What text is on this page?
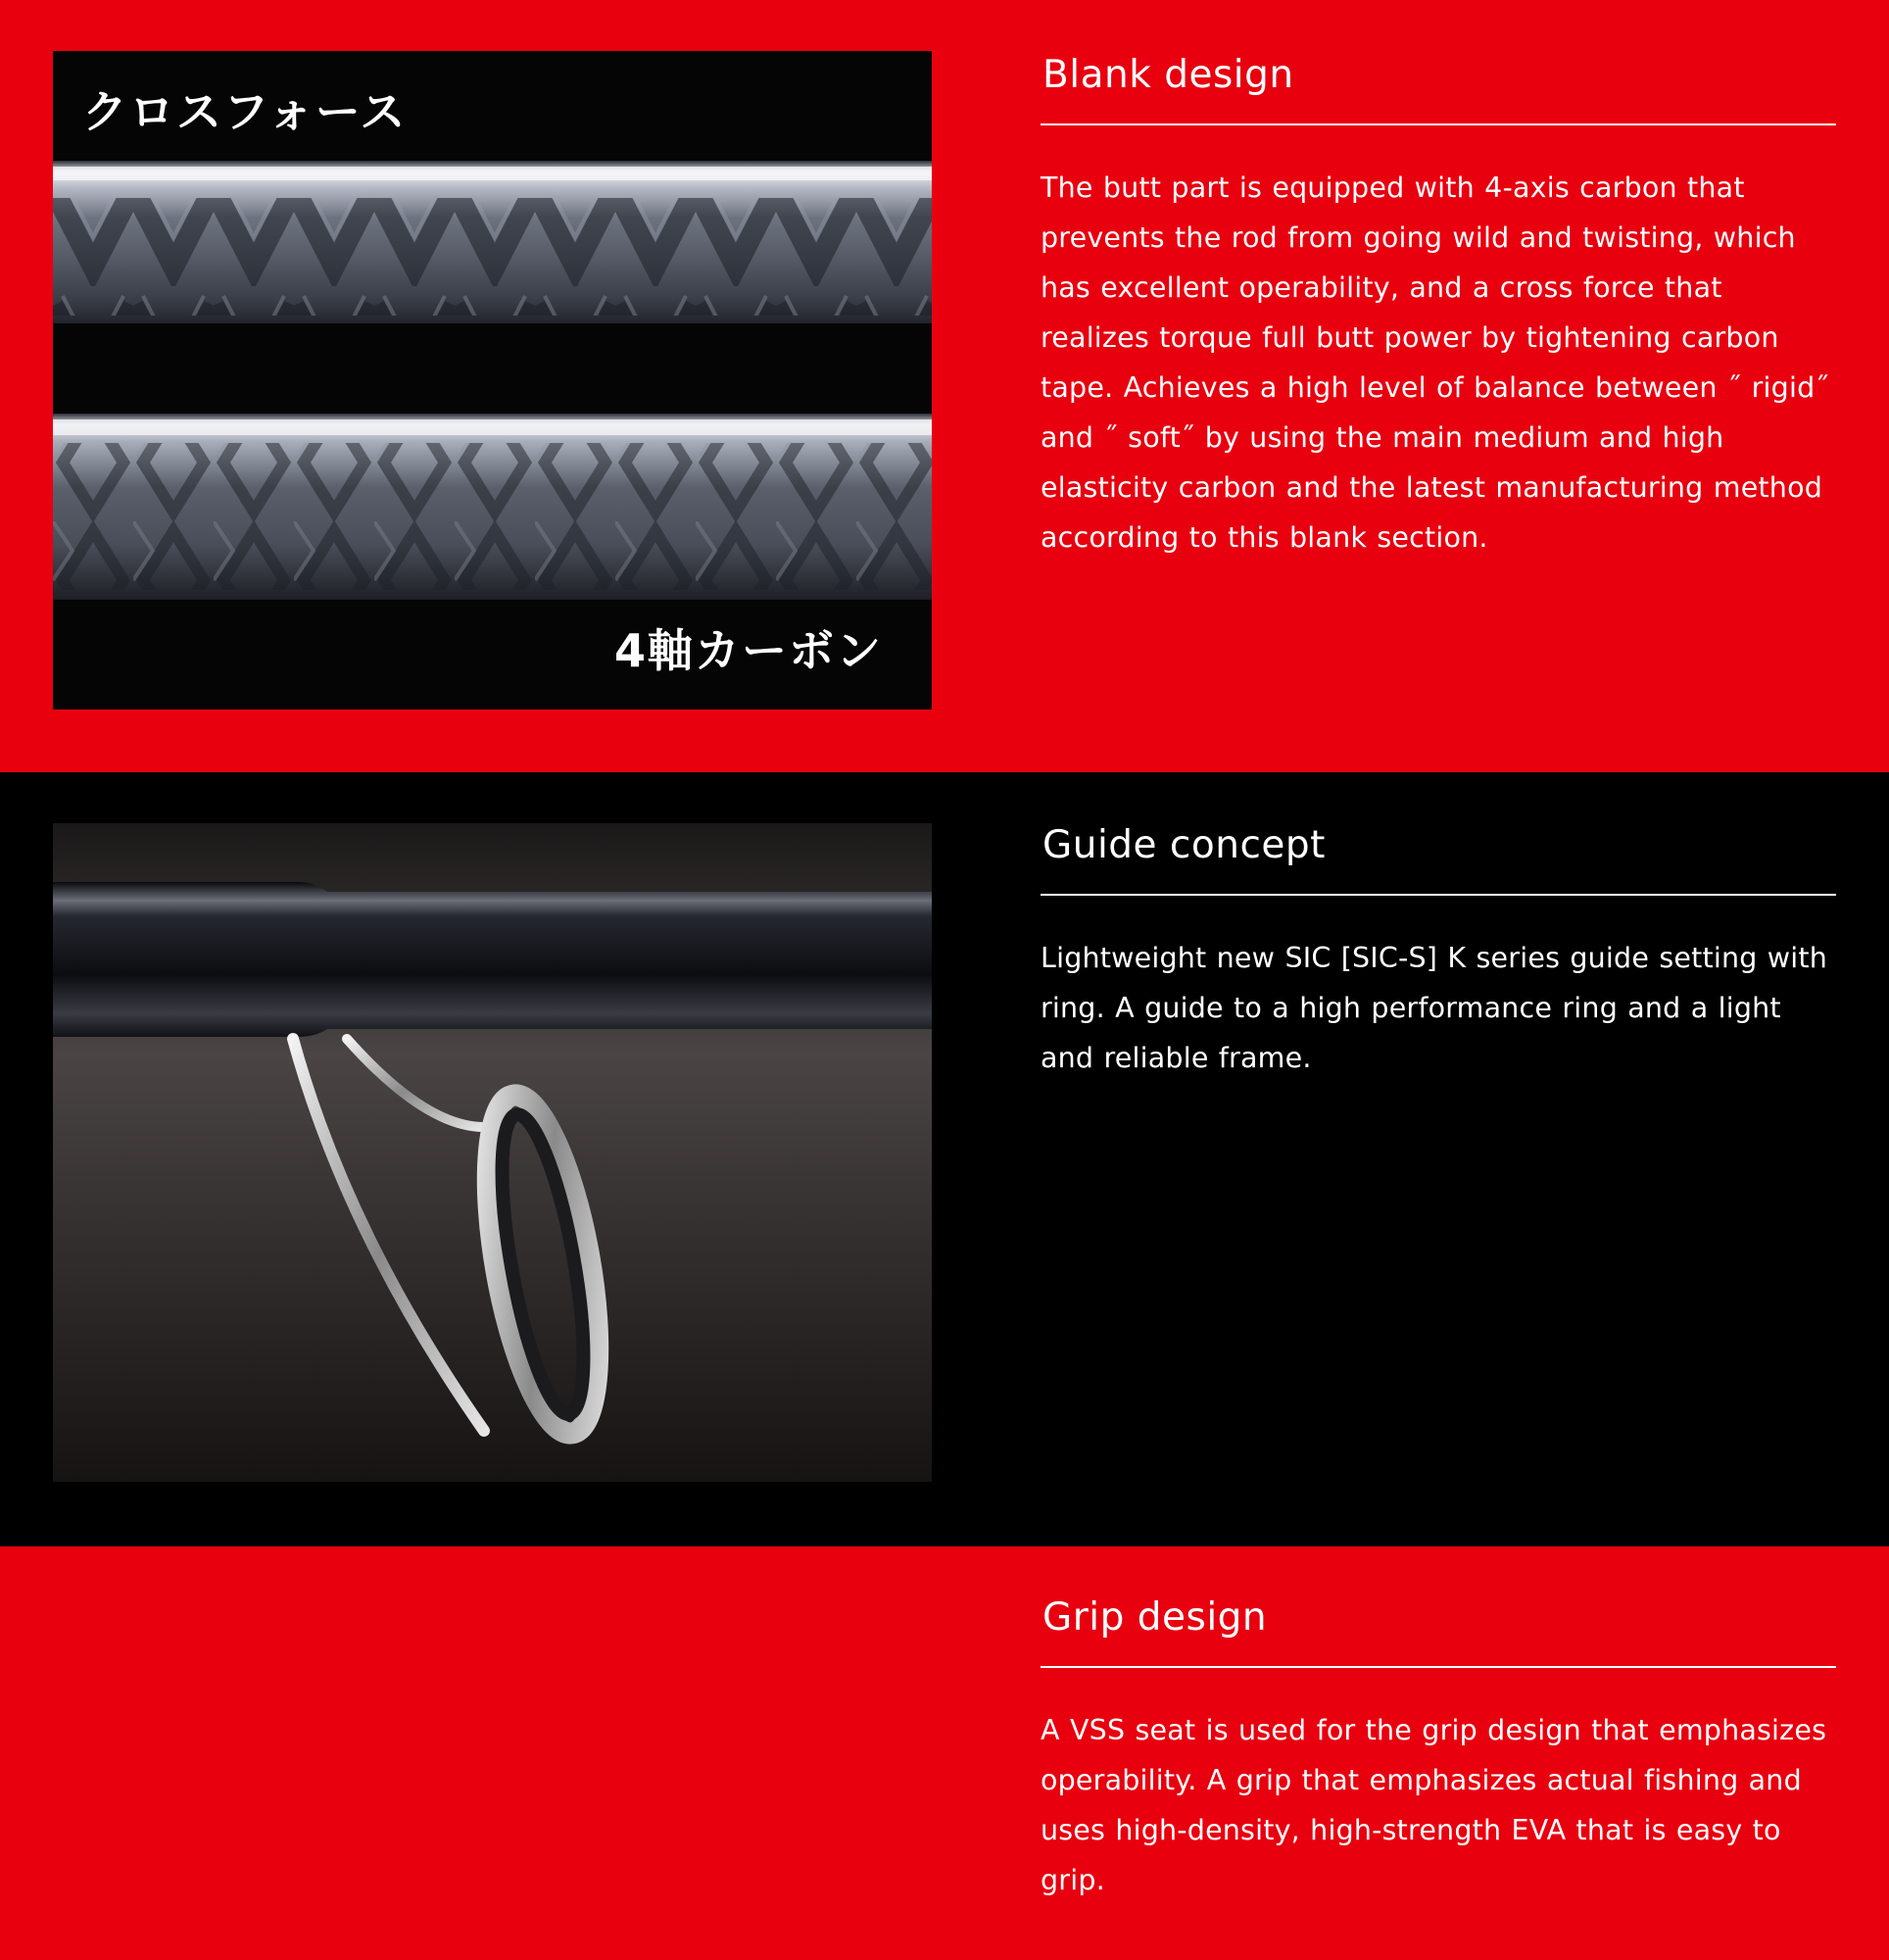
クロスフォース
4軸カーボン
Blank design

The butt part is equipped with 4-axis carbon that prevents the rod from going wild and twisting, which has excellent operability, and a cross force that realizes torque full butt power by tightening carbon tape. Achieves a high level of balance between ˝ rigid˝ and ˝ soft˝ by using the main medium and high elasticity carbon and the latest manufacturing method according to this blank section.

Guide concept

Lightweight new SIC [SIC-S] K series guide setting with ring. A guide to a high performance ring and a light and reliable frame.

Grip design

A VSS seat is used for the grip design that emphasizes operability. A grip that emphasizes actual fishing and uses high-density, high-strength EVA that is easy to grip.
